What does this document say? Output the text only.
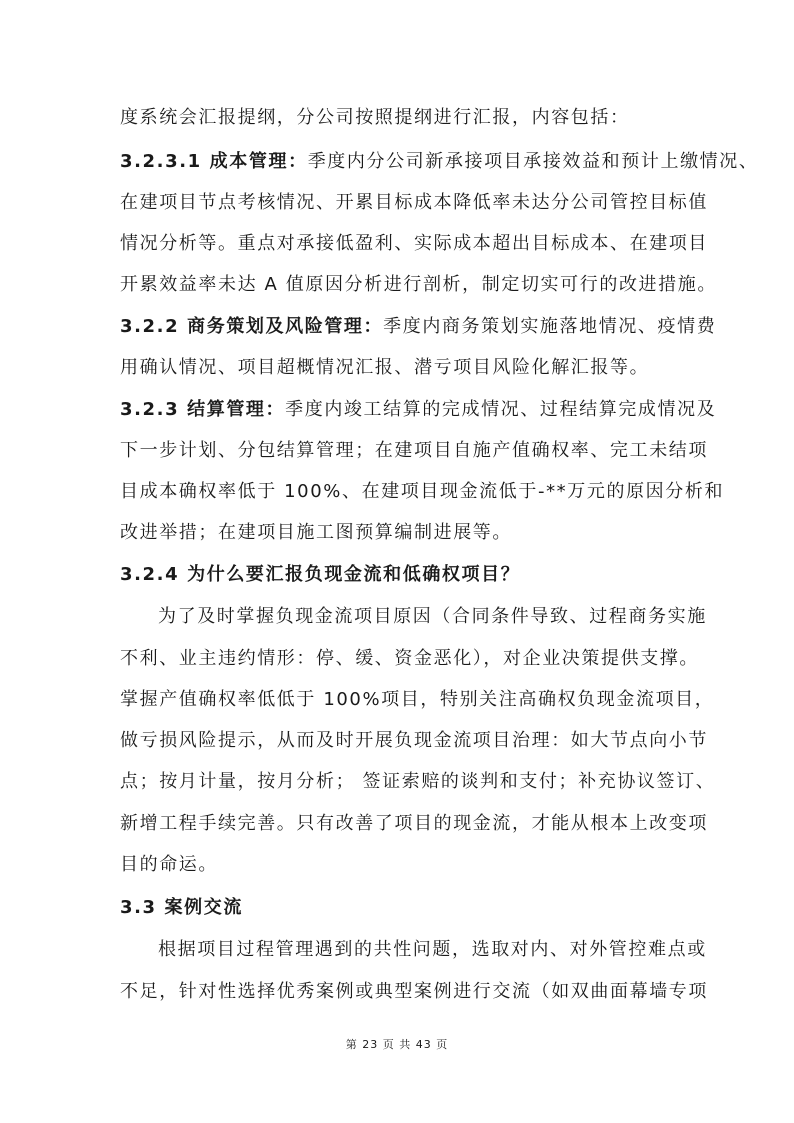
度系统会汇报提纲，分公司按照提纲进行汇报，内容包括：
3.2.3.1 成本管理：季度内分公司新承接项目承接效益和预计上缴情况、
在建项目节点考核情况、开累目标成本降低率未达分公司管控目标值
情况分析等。重点对承接低盈利、实际成本超出目标成本、在建项目
开累效益率未达 A 值原因分析进行剖析，制定切实可行的改进措施。
3.2.2 商务策划及风险管理：季度内商务策划实施落地情况、疫情费
用确认情况、项目超概情况汇报、潜亏项目风险化解汇报等。
3.2.3 结算管理：季度内竣工结算的完成情况、过程结算完成情况及
下一步计划、分包结算管理；在建项目自施产值确权率、完工未结项
目成本确权率低于 100%、在建项目现金流低于-**万元的原因分析和
改进举措；在建项目施工图预算编制进展等。
3.2.4 为什么要汇报负现金流和低确权项目？
为了及时掌握负现金流项目原因（合同条件导致、过程商务实施
不利、业主违约情形：停、缓、资金恶化），对企业决策提供支撑。
掌握产值确权率低低于 100%项目，特别关注高确权负现金流项目，
做亏损风险提示，从而及时开展负现金流项目治理：如大节点向小节
点；按月计量，按月分析； 签证索赔的谈判和支付；补充协议签订、
新增工程手续完善。只有改善了项目的现金流，才能从根本上改变项
目的命运。
3.3 案例交流
根据项目过程管理遇到的共性问题，选取对内、对外管控难点或
不足，针对性选择优秀案例或典型案例进行交流（如双曲面幕墙专项
第 23 页 共 43 页
